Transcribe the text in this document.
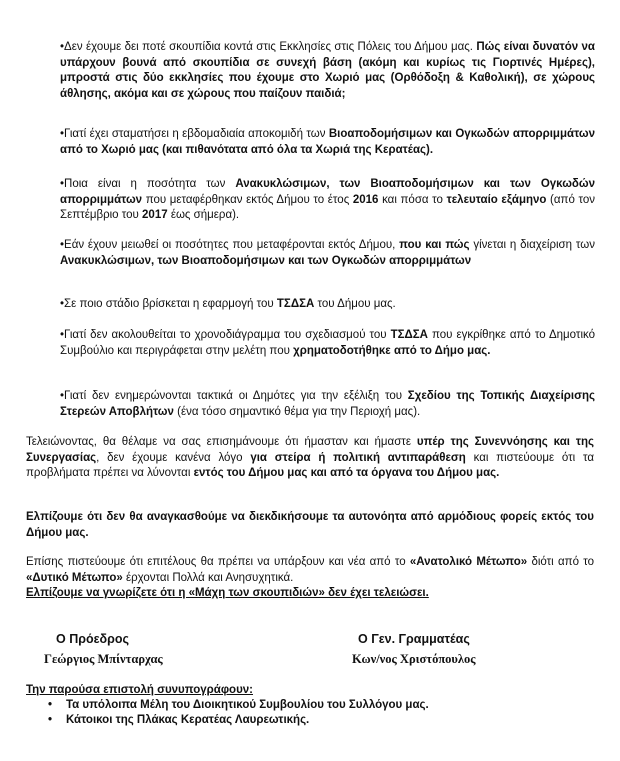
•Δεν έχουμε δει ποτέ σκουπίδια κοντά στις Εκκλησίες στις Πόλεις του Δήμου μας. Πώς είναι δυνατόν να υπάρχουν βουνά από σκουπίδια σε συνεχή βάση (ακόμη και κυρίως τις Γιορτινές Ημέρες), μπροστά στις δύο εκκλησίες που έχουμε στο Χωριό μας (Ορθόδοξη & Καθολική), σε χώρους άθλησης, ακόμα και σε χώρους που παίζουν παιδιά;
•Γιατί έχει σταματήσει η εβδομαδιαία αποκομιδή των Βιοαποδομήσιμων και Ογκωδών απορριμμάτων από το Χωριό μας (και πιθανότατα από όλα τα Χωριά της Κερατέας).
•Ποια είναι η ποσότητα των Ανακυκλώσιμων, των Βιοαποδομήσιμων και των Ογκωδών απορριμμάτων που μεταφέρθηκαν εκτός Δήμου το έτος 2016 και πόσα το τελευταίο εξάμηνο (από τον Σεπτέμβριο του 2017 έως σήμερα).
•Εάν έχουν μειωθεί οι ποσότητες που μεταφέρονται εκτός Δήμου, που και πώς γίνεται η διαχείριση των Ανακυκλώσιμων, των Βιοαποδομήσιμων και των Ογκωδών απορριμμάτων
•Σε ποιο στάδιο βρίσκεται η εφαρμογή του ΤΣΔΣΑ του Δήμου μας.
•Γιατί δεν ακολουθείται το χρονοδιάγραμμα του σχεδιασμού του ΤΣΔΣΑ που εγκρίθηκε από το Δημοτικό Συμβούλιο και περιγράφεται στην μελέτη που χρηματοδοτήθηκε από το Δήμο μας.
•Γιατί δεν ενημερώνονται τακτικά οι Δημότες για την εξέλιξη του Σχεδίου της Τοπικής Διαχείρισης Στερεών Αποβλήτων (ένα τόσο σημαντικό θέμα για την Περιοχή μας).
Τελειώνοντας, θα θέλαμε να σας επισημάνουμε ότι ήμασταν και ήμαστε υπέρ της Συνεννόησης και της Συνεργασίας, δεν έχουμε κανένα λόγο για στείρα ή πολιτική αντιπαράθεση και πιστεύουμε ότι τα προβλήματα πρέπει να λύνονται εντός του Δήμου μας και από τα όργανα του Δήμου μας.
Ελπίζουμε ότι δεν θα αναγκασθούμε να διεκδικήσουμε τα αυτονόητα από αρμόδιους φορείς εκτός του Δήμου μας.
Επίσης πιστεύουμε ότι επιτέλους θα πρέπει να υπάρξουν και νέα από το «Ανατολικό Μέτωπο» διότι από το «Δυτικό Μέτωπο» έρχονται Πολλά και Ανησυχητικά.
Ελπίζουμε να γνωρίζετε ότι η «Μάχη των σκουπιδιών» δεν έχει τελειώσει.
Ο Πρόεδρος
Γεώργιος Μπίνταρχας
Ο Γεν. Γραμματέας
Κων/νος Χριστόπουλος
Την παρούσα επιστολή συνυπογράφουν:
• Τα υπόλοιπα Μέλη του Διοικητικού Συμβουλίου του Συλλόγου μας.
• Κάτοικοι της Πλάκας Κερατέας Λαυρεωτικής.
